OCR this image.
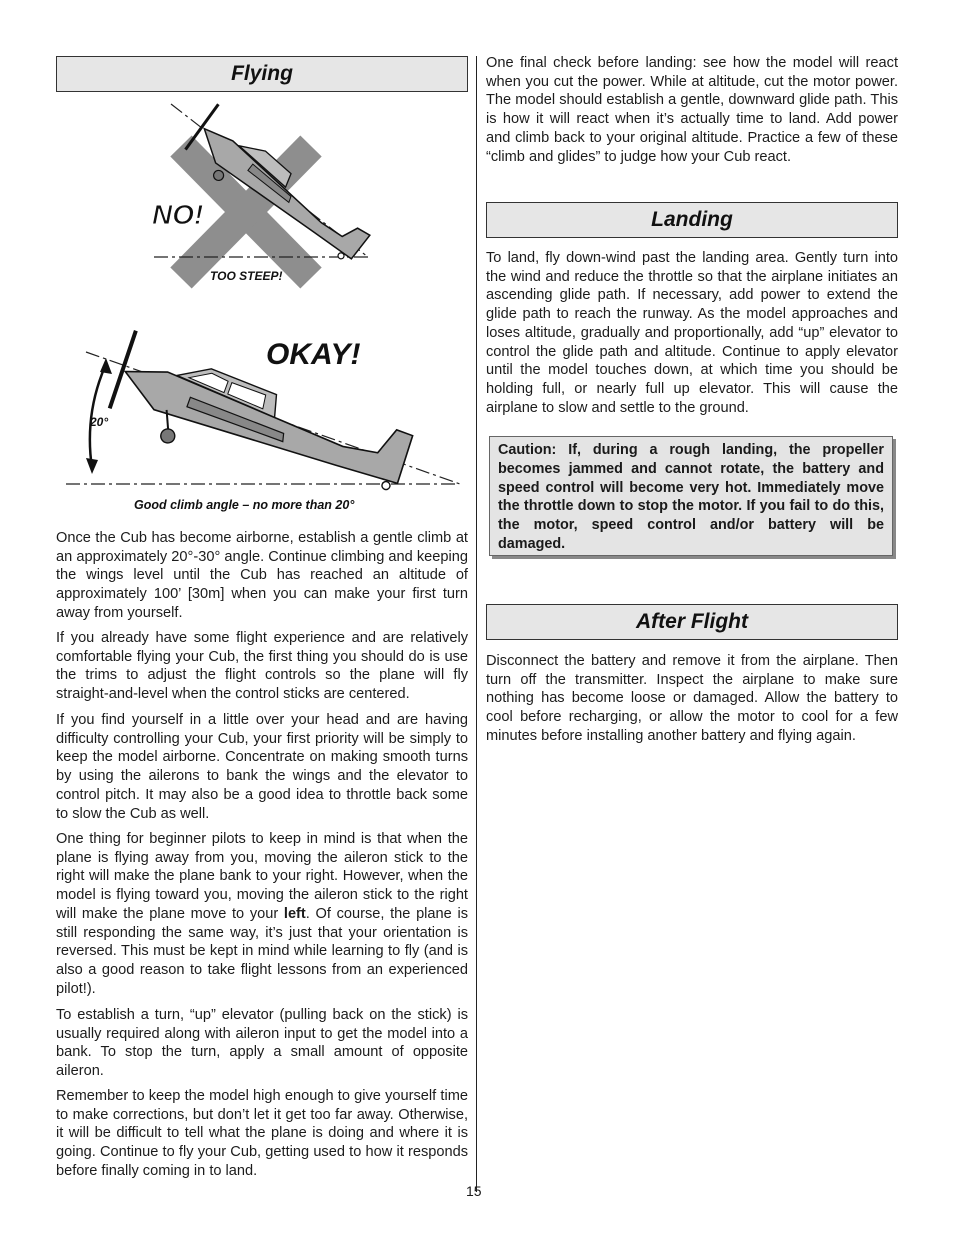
Flying
NO!
TOO STEEP!
20°
OKAY!
Good climb angle – no more than 20°

Once the Cub has become airborne, establish a gentle climb at an approximately 20°-30° angle. Continue climbing and keeping the wings level until the Cub has reached an altitude of approximately 100’ [30m] when you can make your first turn away from yourself.

If you already have some flight experience and are relatively comfortable flying your Cub, the first thing you should do is use the trims to adjust the flight controls so the plane will fly straight-and-level when the control sticks are centered.

If you find yourself in a little over your head and are having difficulty controlling your Cub, your first priority will be simply to keep the model airborne. Concentrate on making smooth turns by using the ailerons to bank the wings and the elevator to control pitch. It may also be a good idea to throttle back some to slow the Cub as well.

One thing for beginner pilots to keep in mind is that when the plane is flying away from you, moving the aileron stick to the right will make the plane bank to your right. However, when the model is flying toward you, moving the aileron stick to the right will make the plane move to your left. Of course, the plane is still responding the same way, it’s just that your orientation is reversed. This must be kept in mind while learning to fly (and is also a good reason to take flight lessons from an experienced pilot!).

To establish a turn, “up” elevator (pulling back on the stick) is usually required along with aileron input to get the model into a bank. To stop the turn, apply a small amount of opposite aileron.

Remember to keep the model high enough to give yourself time to make corrections, but don’t let it get too far away. Otherwise, it will be difficult to tell what the plane is doing and where it is going. Continue to fly your Cub, getting used to how it responds before finally coming in to land.

One final check before landing: see how the model will react when you cut the power. While at altitude, cut the motor power. The model should establish a gentle, downward glide path. This is how it will react when it’s actually time to land. Add power and climb back to your original altitude. Practice a few of these “climb and glides” to judge how your Cub react.

Landing

To land, fly down-wind past the landing area. Gently turn into the wind and reduce the throttle so that the airplane initiates an ascending glide path. If necessary, add power to extend the glide path to reach the runway. As the model approaches and loses altitude, gradually and proportionally, add “up” elevator to control the glide path and altitude. Continue to apply elevator until the model touches down, at which time you should be holding full, or nearly full up elevator. This will cause the airplane to slow and settle to the ground.

Caution: If, during a rough landing, the propeller becomes jammed and cannot rotate, the battery and speed control will become very hot. Immediately move the throttle down to stop the motor. If you fail to do this, the motor, speed control and/or battery will be damaged.
After Flight

Disconnect the battery and remove it from the airplane. Then turn off the transmitter. Inspect the airplane to make sure nothing has become loose or damaged. Allow the battery to cool before recharging, or allow the motor to cool for a few minutes before installing another battery and flying again.

15
